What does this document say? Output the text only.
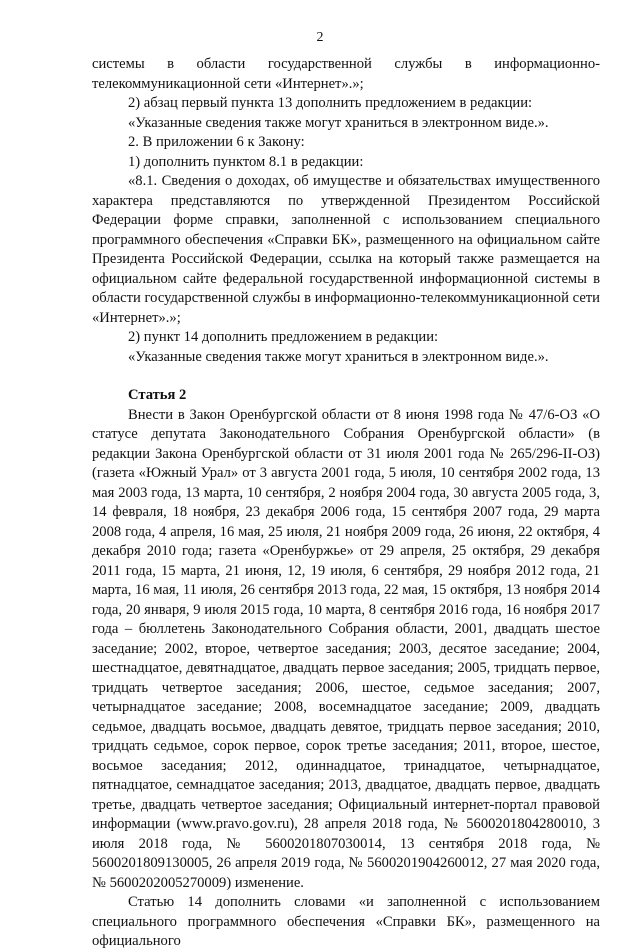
2

системы в области государственной службы в информационно-телекоммуникационной сети «Интернет».»;

2) абзац первый пункта 13 дополнить предложением в редакции:

«Указанные сведения также могут храниться в электронном виде.».

2. В приложении 6 к Закону:

1) дополнить пунктом 8.1 в редакции:

«8.1. Сведения о доходах, об имуществе и обязательствах имущественного характера представляются по утвержденной Президентом Российской Федерации форме справки, заполненной с использованием специального программного обеспечения «Справки БК», размещенного на официальном сайте Президента Российской Федерации, ссылка на который также размещается на официальном сайте федеральной государственной информационной системы в области государственной службы в информационно-телекоммуникационной сети «Интернет».»;

2) пункт 14 дополнить предложением в редакции:

«Указанные сведения также могут храниться в электронном виде.».

Статья 2

Внести в Закон Оренбургской области от 8 июня 1998 года № 47/6-ОЗ «О статусе депутата Законодательного Собрания Оренбургской области» (в редакции Закона Оренбургской области от 31 июля 2001 года № 265/296-II-ОЗ) (газета «Южный Урал» от 3 августа 2001 года, 5 июля, 10 сентября 2002 года, 13 мая 2003 года, 13 марта, 10 сентября, 2 ноября 2004 года, 30 августа 2005 года, 3, 14 февраля, 18 ноября, 23 декабря 2006 года, 15 сентября 2007 года, 29 марта 2008 года, 4 апреля, 16 мая, 25 июля, 21 ноября 2009 года, 26 июня, 22 октября, 4 декабря 2010 года; газета «Оренбуржье» от 29 апреля, 25 октября, 29 декабря 2011 года, 15 марта, 21 июня, 12, 19 июля, 6 сентября, 29 ноября 2012 года, 21 марта, 16 мая, 11 июля, 26 сентября 2013 года, 22 мая, 15 октября, 13 ноября 2014 года, 20 января, 9 июля 2015 года, 10 марта, 8 сентября 2016 года, 16 ноября 2017 года – бюллетень Законодательного Собрания области, 2001, двадцать шестое заседание; 2002, второе, четвертое заседания; 2003, десятое заседание; 2004, шестнадцатое, девятнадцатое, двадцать первое заседания; 2005, тридцать первое, тридцать четвертое заседания; 2006, шестое, седьмое заседания; 2007, четырнадцатое заседание; 2008, восемнадцатое заседание; 2009, двадцать седьмое, двадцать восьмое, двадцать девятое, тридцать первое заседания; 2010, тридцать седьмое, сорок первое, сорок третье заседания; 2011, второе, шестое, восьмое заседания; 2012, одиннадцатое, тринадцатое, четырнадцатое, пятнадцатое, семнадцатое заседания; 2013, двадцатое, двадцать первое, двадцать третье, двадцать четвертое заседания; Официальный интернет-портал правовой информации (www.pravo.gov.ru), 28 апреля 2018 года, № 5600201804280010, 3 июля 2018 года, № 5600201807030014, 13 сентября 2018 года, № 5600201809130005, 26 апреля 2019 года, № 5600201904260012, 27 мая 2020 года, № 5600202005270009) изменение.

Статью 14 дополнить словами «и заполненной с использованием специального программного обеспечения «Справки БК», размещенного на официального
